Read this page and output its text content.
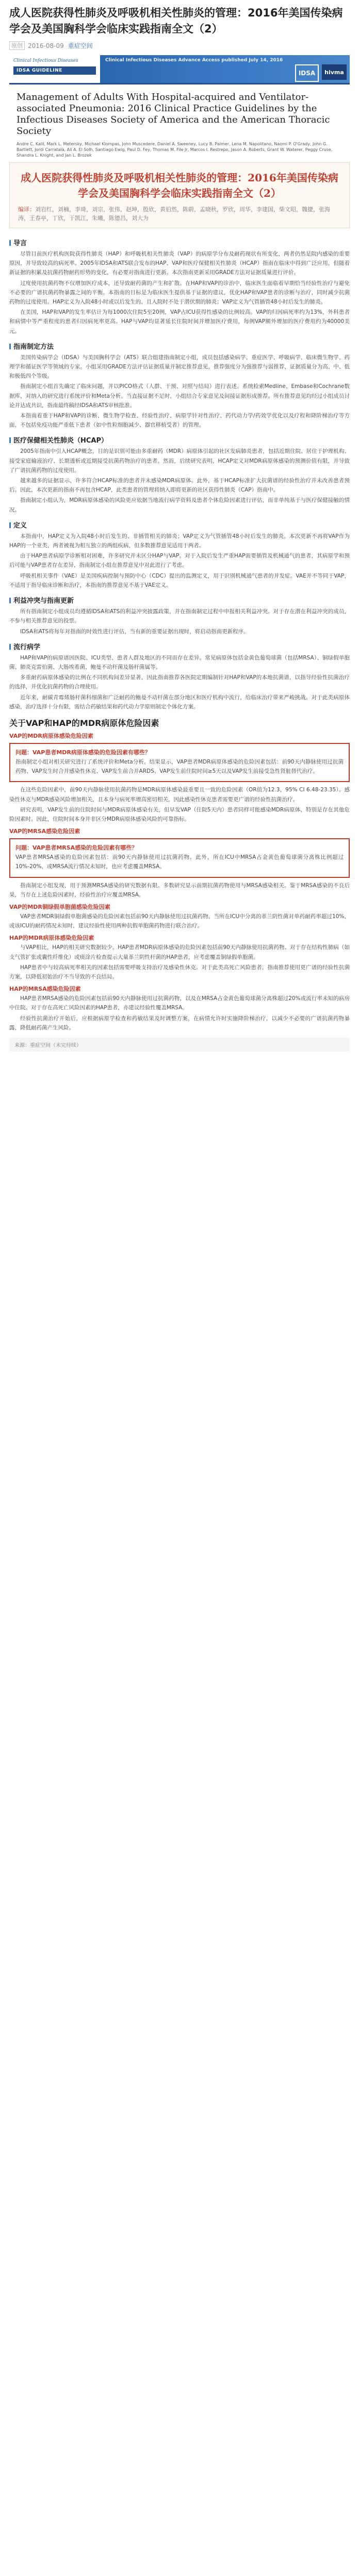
成人医院获得性肺炎及呼吸机相关性肺炎的管理：2016年美国传染病学会及美国胸科学会临床实践指南全文（2）
原创 2016-08-09 重症空间
Clinical Infectious Diseases
IDSA GUIDELINE
Clinical Infectious Diseases Advance Access published July 14, 2016
IDSA	hivma
Management of Adults With Hospital-acquired and Ventilator-associated Pneumonia: 2016 Clinical Practice Guidelines by the Infectious Diseases Society of America and the American Thoracic Society
Andre C. Kalil, Mark L. Metersky, Michael Klompas, John Muscedere, Daniel A. Sweeney, Lucy B. Palmer, Lena M. Napolitano, Naomi P. O'Grady, John G. Bartlett, Jordi Carratalà, Ali A. El Solh, Santiago Ewig, Paul D. Fey, Thomas M. File Jr, Marcos I. Restrepo, Jason A. Roberts, Grant W. Waterer, Peggy Cruse, Shandra L. Knight, and Jan L. Brozek
成人医院获得性肺炎及呼吸机相关性肺炎的管理：2016年美国传染病学会及美国胸科学会临床实践指南全文（2）
编译：刘岩红，刘楠，李琦，刘宗，张伟，赵坤，殷欣，黄伯然，陈蔚，孟晓秋，罗欣，周华，李建国，柴文昭，魏捷，张海涛，王春亭，丁欣，于凯江，朱曦，陈德昌，刘大为
导言

尽管目前医疗机构医院获得性肺炎（HAP）和呼吸机相关性肺炎（VAP）的病原学分布及耐药现状有所变化，两者仍然是院内感染的重要原因，并导致较高的病死率。2005年IDSA和ATS联合发布的HAP、VAP和医疗保健相关性肺炎（HCAP）指南在临床中得到广泛应用，但随着新证据的积累及抗菌药物耐药形势的变化，有必要对指南进行更新。本次指南更新采用GRADE方法对证据质量进行评价。

过度使用抗菌药物不仅增加医疗成本，还导致耐药菌的产生和扩散。在HAP和VAP的诊治中，临床医生面临着早期恰当经验性治疗与避免不必要的广谱抗菌药物暴露之间的平衡。本指南的目标是为临床医生提供基于证据的建议，优化HAP和VAP患者的诊断与治疗，同时减少抗菌药物的过度使用。HAP定义为入院48小时或以后发生的、且入院时不处于潜伏期的肺炎；VAP定义为气管插管48小时后发生的肺炎。

在美国，HAP和VAP的发生率估计为每1000次住院5至20例，VAP占ICU获得性感染的比例较高。VAP的归因病死率约为13%，外科患者和病情中等严重程度的患者归因病死率更高。HAP与VAP均显著延长住院时间并增加医疗费用，每例VAP额外增加的医疗费用约为40000美元。

指南制定方法

美国传染病学会（IDSA）与美国胸科学会（ATS）联合组建指南制定小组，成员包括感染病学、重症医学、呼吸病学、临床微生物学、药理学和循证医学等领域的专家。小组采用GRADE方法评估证据质量并制定推荐意见，推荐强度分为强推荐与弱推荐，证据质量分为高、中、低和极低四个等级。

指南制定小组首先确定了临床问题，并以PICO格式（人群、干预、对照与结局）进行表述。系统检索Medline、Embase和Cochrane数据库，对纳入的研究进行系统评价和Meta分析。当直接证据不足时，小组结合专家意见及间接证据形成推荐。所有推荐意见均经过小组成员讨论并达成共识，指南最终稿经IDSA和ATS审核批准。

本指南着重于HAP和VAP的诊断、微生物学检查、经验性治疗、病原学针对性治疗、药代动力学/药效学优化以及疗程和降阶梯治疗等方面，不包括免疫功能严重低下患者（如中性粒细胞减少、器官移植受者）的管理。

医疗保健相关性肺炎（HCAP）

2005年指南中引入HCAP概念，目的是识别可能由多重耐药（MDR）病原体引起的社区发病肺炎患者，包括近期住院、居住于护理机构、接受家庭输液治疗、长期透析或近期接受抗菌药物治疗的患者。然而，后续研究表明，HCAP定义对MDR病原体感染的预测价值有限，并导致了广谱抗菌药物的过度使用。

越来越多的证据显示，许多符合HCAP标准的患者并未感染MDR病原体。此外，基于HCAP标准扩大抗菌谱的经验性治疗并未改善患者预后。因此，本次更新的指南不再包含HCAP，此类患者的管理将纳入即将更新的社区获得性肺炎（CAP）指南中。

指南制定小组认为，MDR病原体感染的风险更应依据当地流行病学资料及患者个体危险因素进行评估，而非单纯基于与医疗保健接触的情况。

定义

本指南中，HAP定义为入院48小时后发生的、非插管相关的肺炎；VAP定义为气管插管48小时后发生的肺炎。本次更新不再将VAP作为HAP的一个亚类，两者被视为相互独立的两组疾病，但多数推荐意见适用于两者。

由于HAP患者病原学诊断相对困难，许多研究并未区分HAP与VAP。对于入院后发生严重HAP需要插管及机械通气的患者，其病原学和预后可能与VAP患者存在差异，指南制定小组在推荐意见中对此进行了考虑。

呼吸机相关事件（VAE）是美国疾病控制与预防中心（CDC）提出的监测定义，用于识别机械通气患者的并发症。VAE并不等同于VAP，不适用于指导临床诊断和治疗，本指南的推荐意见不基于VAE定义。

利益冲突与指南更新

所有指南制定小组成员均遵循IDSA和ATS的利益冲突披露政策，并在指南制定过程中申报相关利益冲突。对于存在潜在利益冲突的成员，不参与相关推荐意见的投票。

IDSA和ATS将每年对指南的时效性进行评估，当有新的重要证据出现时，将启动指南更新程序。

流行病学

HAP和VAP的病原谱因医院、ICU类型、患者人群及地区的不同而存在差异。常见病原体包括金黄色葡萄球菌（包括MRSA）、铜绿假单胞菌、肺炎克雷伯菌、大肠埃希菌、鲍曼不动杆菌及肠杆菌属等。

多重耐药病原体感染的比例在不同机构间差异显著，因此指南推荐各医院定期编制针对HAP和VAP的本地抗菌谱，以指导经验性抗菌治疗的选择，并优化抗菌药物的合理使用。

近年来，耐碳青霉烯肠杆菌科细菌和广泛耐药的鲍曼不动杆菌在部分地区和医疗机构中流行，给临床治疗带来严峻挑战。对于此类病原体感染，治疗选择十分有限，需结合药敏结果和药代动力学原则制定个体化方案。

关于VAP和HAP的MDR病原体危险因素
VAP的MDR病原体感染危险因素
问题：VAP患者MDR病原体感染的危险因素有哪些？

指南制定小组对相关研究进行了系统评价和Meta分析。结果显示，VAP患者MDR病原体感染的危险因素包括：前90天内静脉使用过抗菌药物、VAP发生时合并感染性休克、VAP发生前合并ARDS、VAP发生前住院时间≥5天以及VAP发生前接受急性肾脏替代治疗。

在这些危险因素中，前90天内静脉使用抗菌药物是MDR病原体感染最重要且一致的危险因素（OR值为12.3，95% CI 6.48-23.35）。感染性休克与MDR感染风险增加相关，且本身与病死率增高密切相关，因此感染性休克患者需要更广谱的经验性抗菌治疗。

研究表明，VAP发生前的住院时间与MDR病原体感染有关，但早发VAP（住院5天内）患者同样可能感染MDR病原体，特别是存在其他危险因素时。因此，住院时间本身并非区分MDR病原体感染风险的可靠指标。

VAP的MRSA感染危险因素
问题：VAP患者MRSA感染的危险因素有哪些？

VAP患者MRSA感染的危险因素包括：前90天内静脉使用过抗菌药物。此外，所在ICU中MRSA占金黄色葡萄球菌分离株比例超过10%-20%，或MRSA流行情况未知时，也应考虑覆盖MRSA。

指南制定小组发现，用于预测MRSA感染的研究数据有限。多数研究显示前期抗菌药物使用与MRSA感染相关。鉴于MRSA感染的不良后果，当存在上述危险因素时，经验性治疗应覆盖MRSA。

VAP的MDR铜绿假单胞菌感染危险因素

VAP患者MDR铜绿假单胞菌感染的危险因素包括前90天内静脉使用过抗菌药物。当所在ICU中分离的革兰阴性菌对单药耐药率超过10%，或该ICU的耐药情况未知时，建议经验性使用两种抗假单胞菌药物进行联合治疗。

HAP的MDR病原体感染危险因素

与VAP相比，HAP的相关研究数据较少。HAP患者MDR病原体感染的危险因素包括前90天内静脉使用抗菌药物。对于存在结构性肺病（如支气管扩张或囊性纤维化）或痰涂片检查提示大量革兰阴性杆菌的HAP患者，应考虑覆盖铜绿假单胞菌。

HAP患者中与较高病死率相关的因素包括需要呼吸支持治疗及感染性休克。对于此类高死亡风险患者，指南推荐使用更广谱的经验性抗菌方案，以降低初始治疗不当导致的不良结局。

HAP的MRSA感染危险因素

HAP患者MRSA感染的危险因素包括前90天内静脉使用过抗菌药物，以及在MRSA占金黄色葡萄球菌分离株超过20%或流行率未知的病房中住院。对于存在高死亡风险因素的HAP患者，亦建议经验性覆盖MRSA。

经验性抗菌治疗开始后，应根据病原学检查和药敏结果及时调整方案，在病情允许时实施降阶梯治疗，以减少不必要的广谱抗菌药物暴露，降低耐药菌产生风险。

来源：重症空间（未完待续）
